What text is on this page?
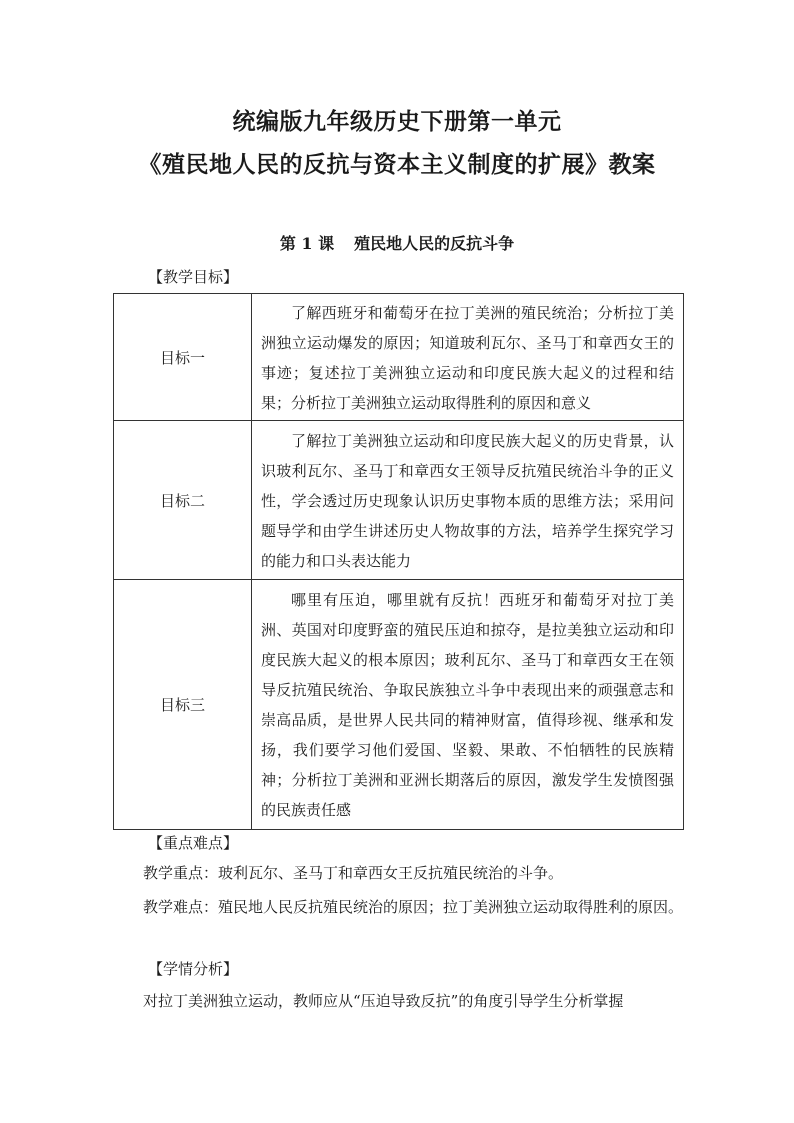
统编版九年级历史下册第一单元
《殖民地人民的反抗与资本主义制度的扩展》教案
第 1 课 殖民地人民的反抗斗争
【教学目标】
目标一	了解西班牙和葡萄牙在拉丁美洲的殖民统治；分析拉丁美洲独立运动爆发的原因；知道玻利瓦尔、圣马丁和章西女王的事迹；复述拉丁美洲独立运动和印度民族大起义的过程和结果；分析拉丁美洲独立运动取得胜利的原因和意义
目标二	了解拉丁美洲独立运动和印度民族大起义的历史背景，认识玻利瓦尔、圣马丁和章西女王领导反抗殖民统治斗争的正义性，学会透过历史现象认识历史事物本质的思维方法；采用问题导学和由学生讲述历史人物故事的方法，培养学生探究学习的能力和口头表达能力
目标三	哪里有压迫，哪里就有反抗！西班牙和葡萄牙对拉丁美洲、英国对印度野蛮的殖民压迫和掠夺，是拉美独立运动和印度民族大起义的根本原因；玻利瓦尔、圣马丁和章西女王在领导反抗殖民统治、争取民族独立斗争中表现出来的顽强意志和崇高品质，是世界人民共同的精神财富，值得珍视、继承和发扬，我们要学习他们爱国、坚毅、果敢、不怕牺牲的民族精神；分析拉丁美洲和亚洲长期落后的原因，激发学生发愤图强的民族责任感
【重点难点】
教学重点：玻利瓦尔、圣马丁和章西女王反抗殖民统治的斗争。
教学难点：殖民地人民反抗殖民统治的原因；拉丁美洲独立运动取得胜利的原因。
【学情分析】
对拉丁美洲独立运动，教师应从“压迫导致反抗”的角度引导学生分析掌握
